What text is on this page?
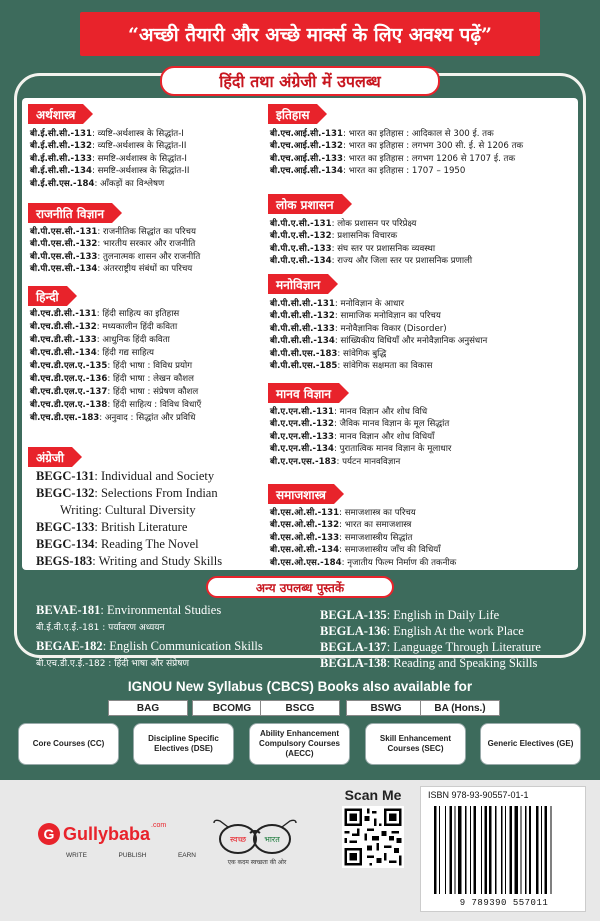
“अच्छी तैयारी और अच्छे मार्क्स के लिए अवश्य पढ़ें”
हिंदी तथा अंग्रेजी में उपलब्ध
अर्थशास्त्र
बी.ई.सी.सी.-131: व्यष्टि-अर्थशास्त्र के सिद्धांत-I
बी.ई.सी.सी.-132: व्यष्टि-अर्थशास्त्र के सिद्धांत-II
बी.ई.सी.सी.-133: समष्टि-अर्थशास्त्र के सिद्धांत-I
बी.ई.सी.सी.-134: समष्टि-अर्थशास्त्र के सिद्धांत-II
बी.ई.सी.एस.-184: आँकड़ों का विश्लेषण
राजनीति विज्ञान
बी.पी.एस.सी.-131: राजनीतिक सिद्धांत का परिचय
बी.पी.एस.सी.-132: भारतीय सरकार और राजनीति
बी.पी.एस.सी.-133: तुलनात्मक शासन और राजनीति
बी.पी.एस.सी.-134: अंतरराष्ट्रीय संबंधों का परिचय
हिन्दी
बी.एच.डी.सी.-131: हिंदी साहित्य का इतिहास
बी.एच.डी.सी.-132: मध्यकालीन हिंदी कविता
बी.एच.डी.सी.-133: आधुनिक हिंदी कविता
बी.एच.डी.सी.-134: हिंदी गद्य साहित्य
बी.एच.डी.एल.ए.-135: हिंदी भाषा : विविध प्रयोग
बी.एच.डी.एल.ए.-136: हिंदी भाषा : लेखन कौशल
बी.एच.डी.एल.ए.-137: हिंदी भाषा : संप्रेषण कौशल
बी.एच.डी.एल.ए.-138: हिंदी साहित्य : विविध विधाएँ
बी.एच.डी.एस.-183: अनुवाद : सिद्धांत और प्रविधि
अंग्रेजी
BEGC-131: Individual and Society
BEGC-132: Selections From Indian
Writing: Cultural Diversity
BEGC-133: British Literature
BEGC-134: Reading The Novel
BEGS-183: Writing and Study Skills
इतिहास
बी.एच.आई.सी.-131: भारत का इतिहास : आदिकाल से 300 ई. तक
बी.एच.आई.सी.-132: भारत का इतिहास : लगभग 300 सी. ई. से 1206 तक
बी.एच.आई.सी.-133: भारत का इतिहास : लगभग 1206 से 1707 ई. तक
बी.एच.आई.सी.-134: भारत का इतिहास : 1707 – 1950
लोक प्रशासन
बी.पी.ए.सी.-131: लोक प्रशासन पर परिप्रेक्ष्य
बी.पी.ए.सी.-132: प्रशासनिक विचारक
बी.पी.ए.सी.-133: संघ स्तर पर प्रशासनिक व्यवस्था
बी.पी.ए.सी.-134: राज्य और जिला स्तर पर प्रशासनिक प्रणाली
मनोविज्ञान
बी.पी.सी.सी.-131: मनोविज्ञान के आधार
बी.पी.सी.सी.-132: सामाजिक मनोविज्ञान का परिचय
बी.पी.सी.सी.-133: मनोवैज्ञानिक विकार (Disorder)
बी.पी.सी.सी.-134: सांख्यिकीय विधियाँ और मनोवैज्ञानिक अनुसंधान
बी.पी.सी.एस.-183: सांवेगिक बुद्धि
बी.पी.सी.एस.-185: सांवेगिक सक्षमता का विकास
मानव विज्ञान
बी.ए.एन.सी.-131: मानव विज्ञान और शोध विधि
बी.ए.एन.सी.-132: जैविक मानव विज्ञान के मूल सिद्धांत
बी.ए.एन.सी.-133: मानव विज्ञान और शोध विधियाँ
बी.ए.एन.सी.-134: पुरातात्विक मानव विज्ञान के मूलाधार
बी.ए.एन.एस.-183: पर्यटन मानवविज्ञान
समाजशास्त्र
बी.एस.ओ.सी.-131: समाजशास्त्र का परिचय
बी.एस.ओ.सी.-132: भारत का समाजशास्त्र
बी.एस.ओ.सी.-133: समाजशास्त्रीय सिद्धांत
बी.एस.ओ.सी.-134: समाजशास्त्रीय जाँच की विधियाँ
बी.एस.ओ.एस.-184: नृजातीय फिल्म निर्माण की तकनीक
अन्य उपलब्ध पुस्तकें
BEVAE-181: Environmental Studies
बी.ई.वी.ए.ई.-181 : पर्यावरण अध्ययन
BEGAE-182: English Communication Skills
बी.एच.डी.ए.ई.-182 : हिंदी भाषा और संप्रेषण
BEGLA-135: English in Daily Life
BEGLA-136: English At the work Place
BEGLA-137: Language Through Literature
BEGLA-138: Reading and Speaking Skills
IGNOU New Syllabus (CBCS) Books also available for
BAG	BCOMG	BSCG	BSWG	BA (Hons.)
Core Courses (CC)
Discipline Specific Electives (DSE)
Ability Enhancement Compulsory Courses (AECC)
Skill Enhancement Courses (SEC)
Generic Electives (GE)
G Gullybaba .com
WRITE	PUBLISH	EARN
स्वच्छ भारत
एक कदम स्वच्छता की ओर
Scan Me	ISBN 978-93-90557-01-1
9 789390 557011
